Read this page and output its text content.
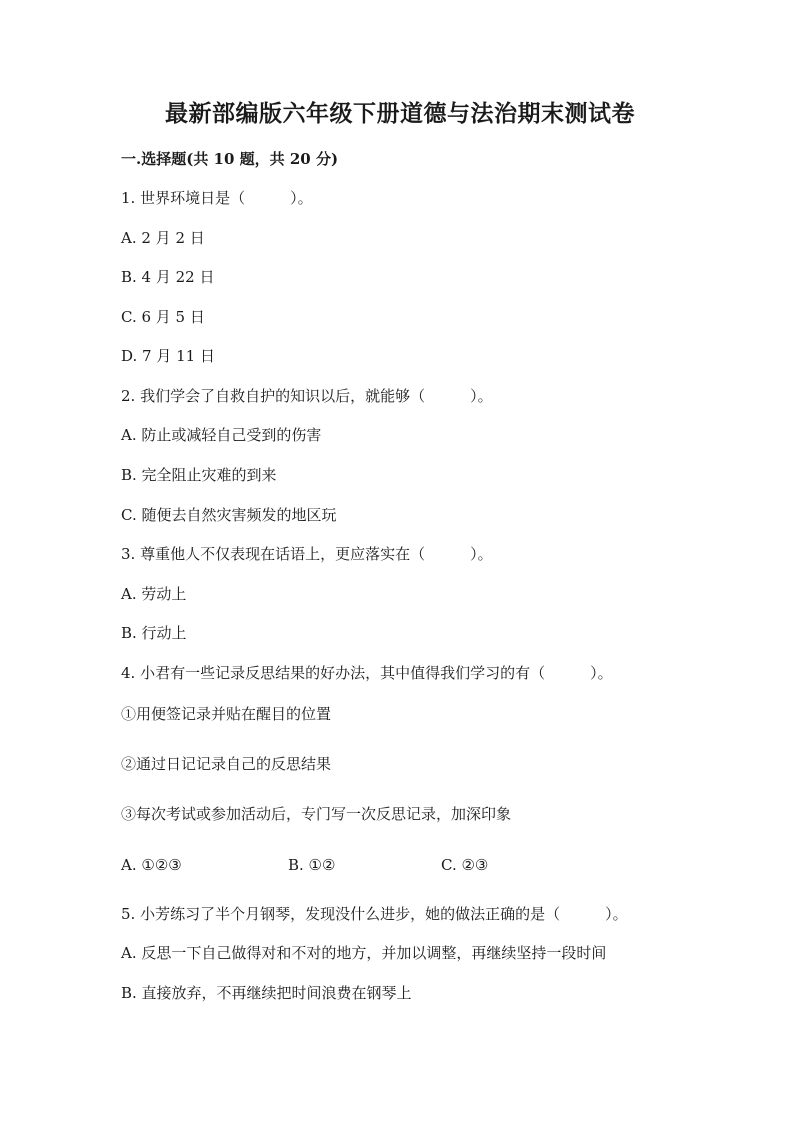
最新部编版六年级下册道德与法治期末测试卷
一.选择题(共 10 题，共 20 分)
1. 世界环境日是（　　　）。
A. 2 月 2 日
B. 4 月 22 日
C. 6 月 5 日
D. 7 月 11 日
2. 我们学会了自救自护的知识以后，就能够（　　　）。
A. 防止或减轻自己受到的伤害
B. 完全阻止灾难的到来
C. 随便去自然灾害频发的地区玩
3. 尊重他人不仅表现在话语上，更应落实在（　　　）。
A. 劳动上
B. 行动上
4. 小君有一些记录反思结果的好办法，其中值得我们学习的有（　　　）。
①用便签记录并贴在醒目的位置
②通过日记记录自己的反思结果
③每次考试或参加活动后，专门写一次反思记录，加深印象
A. ①②③	B. ①②	C. ②③
5. 小芳练习了半个月钢琴，发现没什么进步，她的做法正确的是（　　　）。
A. 反思一下自己做得对和不对的地方，并加以调整，再继续坚持一段时间
B. 直接放弃，不再继续把时间浪费在钢琴上
